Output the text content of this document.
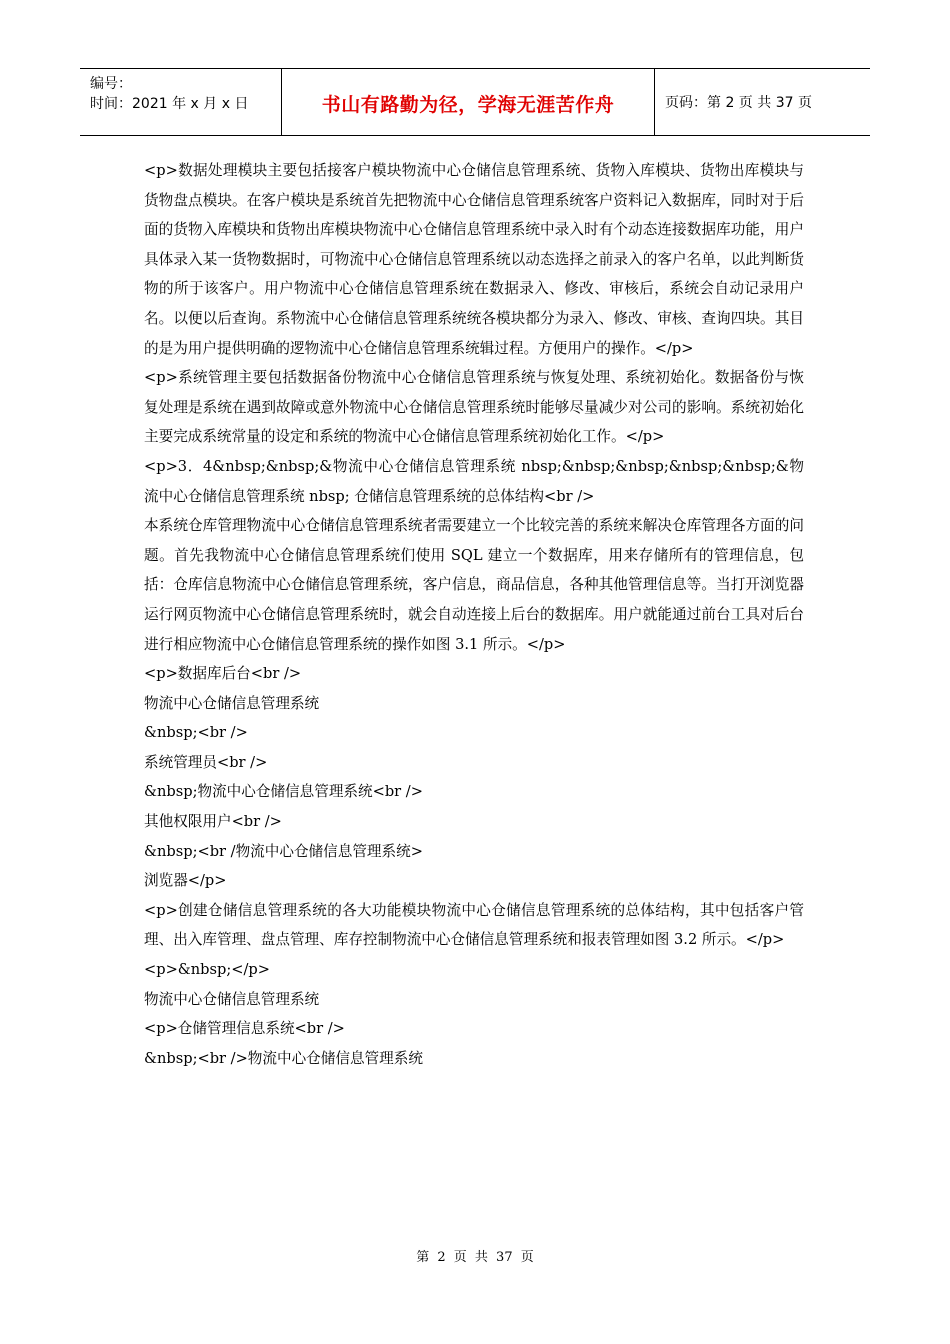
编号：
时间：2021 年 x 月 x 日	书山有路勤为径，学海无涯苦作舟	页码：第 2 页 共 37 页

<p>数据处理模块主要包括接客户模块物流中心仓储信息管理系统、货物入库模块、货物出库模块与货物盘点模块。在客户模块是系统首先把物流中心仓储信息管理系统客户资料记入数据库，同时对于后面的货物入库模块和货物出库模块物流中心仓储信息管理系统中录入时有个动态连接数据库功能，用户具体录入某一货物数据时，可物流中心仓储信息管理系统以动态选择之前录入的客户名单，以此判断货物的所于该客户。用户物流中心仓储信息管理系统在数据录入、修改、审核后，系统会自动记录用户名。以便以后查询。系物流中心仓储信息管理系统统各模块都分为录入、修改、审核、查询四块。其目的是为用户提供明确的逻物流中心仓储信息管理系统辑过程。方便用户的操作。</p>

<p>系统管理主要包括数据备份物流中心仓储信息管理系统与恢复处理、系统初始化。数据备份与恢复处理是系统在遇到故障或意外物流中心仓储信息管理系统时能够尽量减少对公司的影响。系统初始化主要完成系统常量的设定和系统的物流中心仓储信息管理系统初始化工作。</p>

<p>3．4&nbsp;&nbsp;&物流中心仓储信息管理系统 nbsp;&nbsp;&nbsp;&nbsp;&nbsp;&物流中心仓储信息管理系统 nbsp; 仓储信息管理系统的总体结构<br />

本系统仓库管理物流中心仓储信息管理系统者需要建立一个比较完善的系统来解决仓库管理各方面的问题。首先我物流中心仓储信息管理系统们使用 SQL 建立一个数据库，用来存储所有的管理信息，包括：仓库信息物流中心仓储信息管理系统，客户信息，商品信息，各种其他管理信息等。当打开浏览器运行网页物流中心仓储信息管理系统时，就会自动连接上后台的数据库。用户就能通过前台工具对后台进行相应物流中心仓储信息管理系统的操作如图 3.1 所示。</p>

<p>数据库后台<br />

物流中心仓储信息管理系统

&nbsp;<br />

系统管理员<br />

&nbsp;物流中心仓储信息管理系统<br />

其他权限用户<br />

&nbsp;<br /物流中心仓储信息管理系统>

浏览器</p>

<p>创建仓储信息管理系统的各大功能模块物流中心仓储信息管理系统的总体结构，其中包括客户管理、出入库管理、盘点管理、库存控制物流中心仓储信息管理系统和报表管理如图 3.2 所示。</p>

<p>&nbsp;</p>

物流中心仓储信息管理系统

<p>仓储管理信息系统<br />

&nbsp;<br />物流中心仓储信息管理系统

第 2 页 共 37 页
